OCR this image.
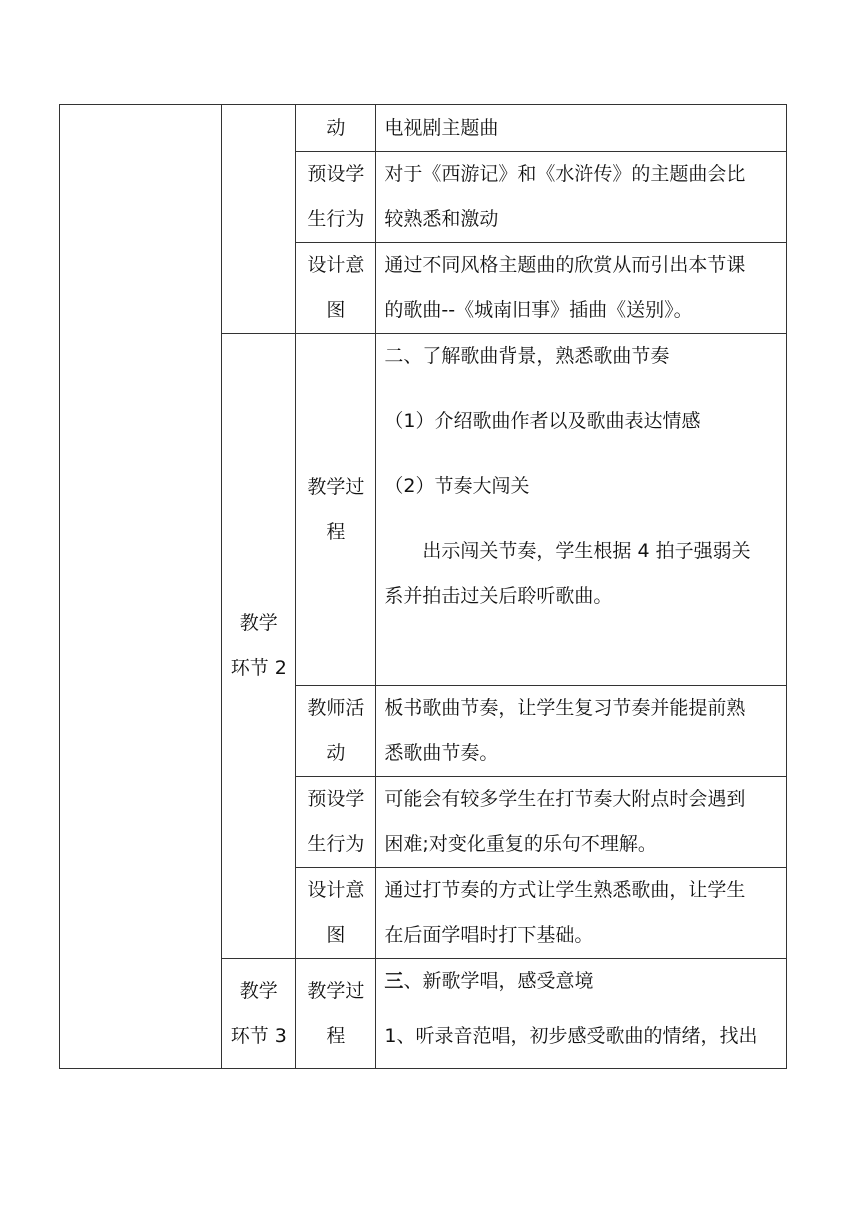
		动	电视剧主题曲

		预设学
生行为	对于《西游记》和《水浒传》的主题曲会比
较熟悉和激动

		设计意
图	通过不同风格主题曲的欣赏从而引出本节课
的歌曲--《城南旧事》插曲《送别》。

	教学
环节 2	教学过
程	二、了解歌曲背景，熟悉歌曲节奏
（1）介绍歌曲作者以及歌曲表达情感
（2）节奏大闯关
出示闯关节奏，学生根据 4 拍子强弱关
系并拍击过关后聆听歌曲。

		教师活
动	板书歌曲节奏，让学生复习节奏并能提前熟
悉歌曲节奏。

		预设学
生行为	可能会有较多学生在打节奏大附点时会遇到
困难;对变化重复的乐句不理解。

		设计意
图	通过打节奏的方式让学生熟悉歌曲，让学生
在后面学唱时打下基础。

	教学
环节 3	教学过
程	三、新歌学唱，感受意境
1、听录音范唱，初步感受歌曲的情绪，找出
